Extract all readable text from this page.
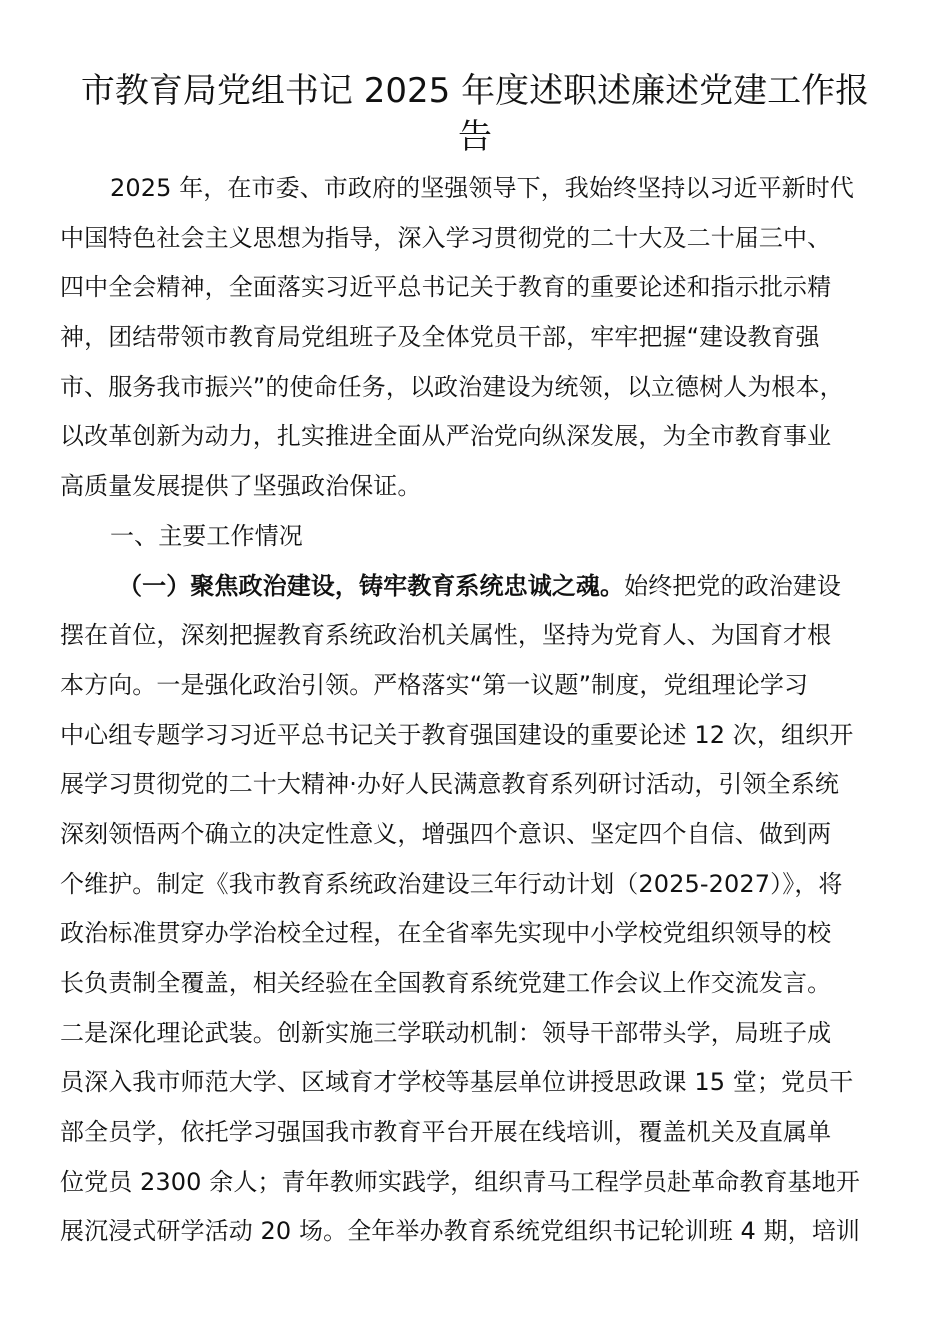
市教育局党组书记 2025 年度述职述廉述党建工作报
告
2025 年，在市委、市政府的坚强领导下，我始终坚持以习近平新时代
中国特色社会主义思想为指导，深入学习贯彻党的二十大及二十届三中、
四中全会精神，全面落实习近平总书记关于教育的重要论述和指示批示精
神，团结带领市教育局党组班子及全体党员干部，牢牢把握“建设教育强
市、服务我市振兴”的使命任务，以政治建设为统领，以立德树人为根本，
以改革创新为动力，扎实推进全面从严治党向纵深发展，为全市教育事业
高质量发展提供了坚强政治保证。
一、主要工作情况
（一）聚焦政治建设，铸牢教育系统忠诚之魂。始终把党的政治建设
摆在首位，深刻把握教育系统政治机关属性，坚持为党育人、为国育才根
本方向。一是强化政治引领。严格落实“第一议题”制度，党组理论学习
中心组专题学习习近平总书记关于教育强国建设的重要论述 12 次，组织开
展学习贯彻党的二十大精神·办好人民满意教育系列研讨活动，引领全系统
深刻领悟两个确立的决定性意义，增强四个意识、坚定四个自信、做到两
个维护。制定《我市教育系统政治建设三年行动计划（2025-2027）》，将
政治标准贯穿办学治校全过程，在全省率先实现中小学校党组织领导的校
长负责制全覆盖，相关经验在全国教育系统党建工作会议上作交流发言。
二是深化理论武装。创新实施三学联动机制：领导干部带头学，局班子成
员深入我市师范大学、区域育才学校等基层单位讲授思政课 15 堂；党员干
部全员学，依托学习强国我市教育平台开展在线培训，覆盖机关及直属单
位党员 2300 余人；青年教师实践学，组织青马工程学员赴革命教育基地开
展沉浸式研学活动 20 场。全年举办教育系统党组织书记轮训班 4 期，培训
